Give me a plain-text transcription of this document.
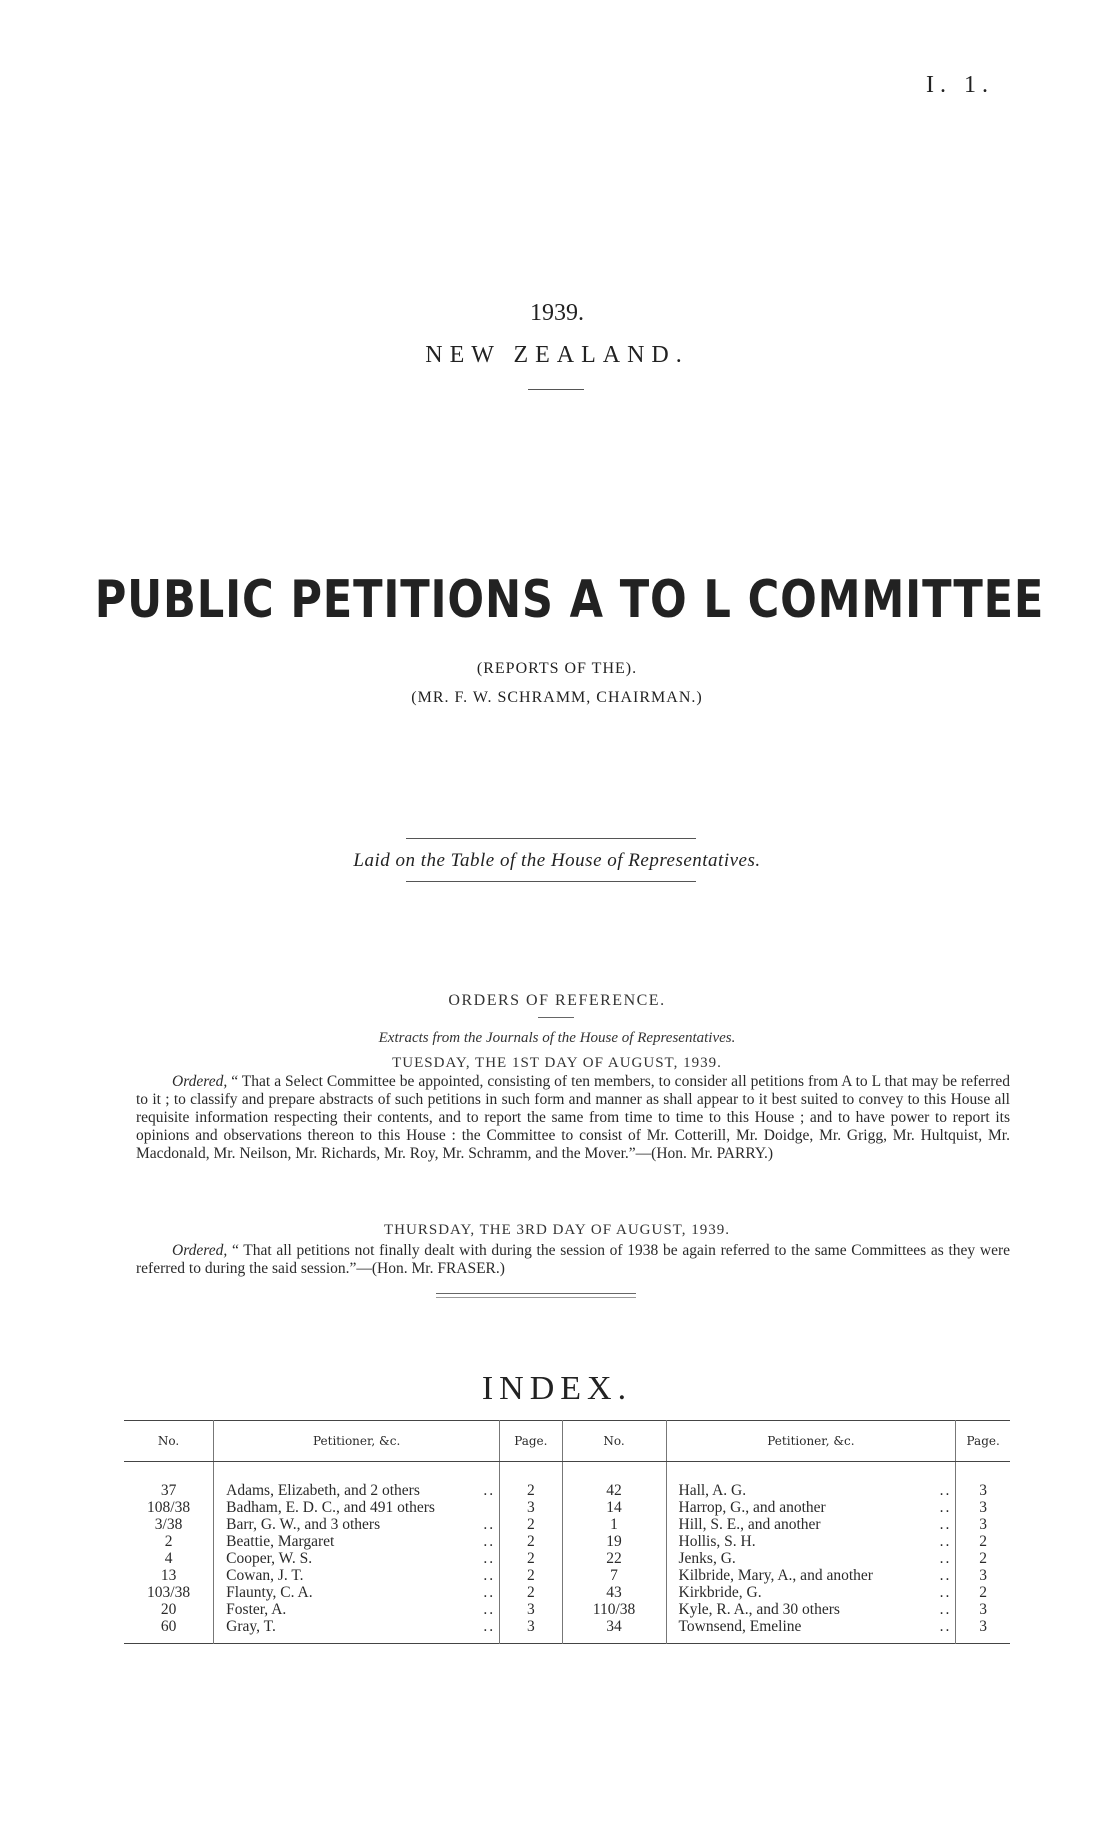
I. 1.
1939.
NEW ZEALAND.
PUBLIC PETITIONS A TO L COMMITTEE
(REPORTS OF THE).
(MR. F. W. SCHRAMM, CHAIRMAN.)
Laid on the Table of the House of Representatives.
ORDERS OF REFERENCE.
Extracts from the Journals of the House of Representatives.
TUESDAY, THE 1ST DAY OF AUGUST, 1939.
Ordered, “ That a Select Committee be appointed, consisting of ten members, to consider all petitions from A to L that may be referred to it ; to classify and prepare abstracts of such petitions in such form and manner as shall appear to it best suited to convey to this House all requisite information respecting their contents, and to report the same from time to time to this House ; and to have power to report its opinions and observations thereon to this House : the Committee to consist of Mr. Cotterill, Mr. Doidge, Mr. Grigg, Mr. Hultquist, Mr. Macdonald, Mr. Neilson, Mr. Richards, Mr. Roy, Mr. Schramm, and the Mover.”—(Hon. Mr. PARRY.)
THURSDAY, THE 3RD DAY OF AUGUST, 1939.
Ordered, “ That all petitions not finally dealt with during the session of 1938 be again referred to the same Committees as they were referred to during the said session.”—(Hon. Mr. FRASER.)
INDEX.
No.	Petitioner, &c.	Page.	No.	Petitioner, &c.	Page.

37	Adams, Elizabeth, and 2 others ..	2	42	Hall, A. G. ..	3
108/38	Badham, E. D. C., and 491 others	3	14	Harrop, G., and another ..	3
3/38	Barr, G. W., and 3 others ..	2	1	Hill, S. E., and another ..	3
2	Beattie, Margaret ..	2	19	Hollis, S. H. ..	2
4	Cooper, W. S. ..	2	22	Jenks, G. ..	2
13	Cowan, J. T. ..	2	7	Kilbride, Mary, A., and another ..	3
103/38	Flaunty, C. A. ..	2	43	Kirkbride, G. ..	2
20	Foster, A. ..	3	110/38	Kyle, R. A., and 30 others ..	3
60	Gray, T. ..	3	34	Townsend, Emeline ..	3
